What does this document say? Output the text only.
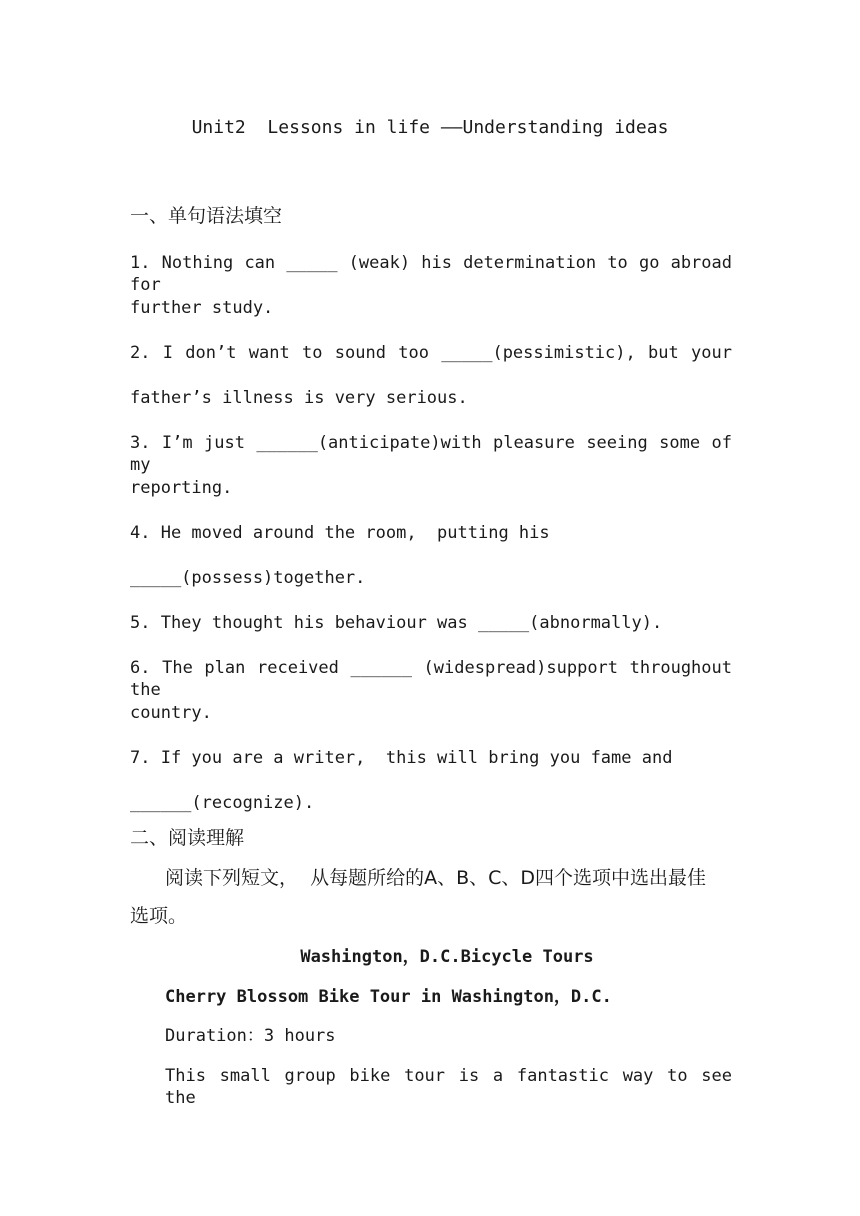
Unit2  Lessons in life ——Understanding ideas
一、单句语法填空
1. Nothing can _____ (weak) his determination to go abroad for
further study.
2. I don’t want to sound too _____(pessimistic), but your
father’s illness is very serious.
3. I’m just ______(anticipate)with pleasure seeing some of my
reporting.
4. He moved around the room,  putting his
_____(possess)together.
5. They thought his behaviour was _____(abnormally).
6. The plan received ______ (widespread)support throughout the
country.
7. If you are a writer,  this will bring you fame and
______(recognize).
二、阅读理解
阅读下列短文，  从每题所给的A、B、C、D四个选项中选出最佳
选项。
Washington，D.C.Bicycle Tours
Cherry Blossom Bike Tour in Washington，D.C.
Duration：3 hours
This small group bike tour is a fantastic way to see the
